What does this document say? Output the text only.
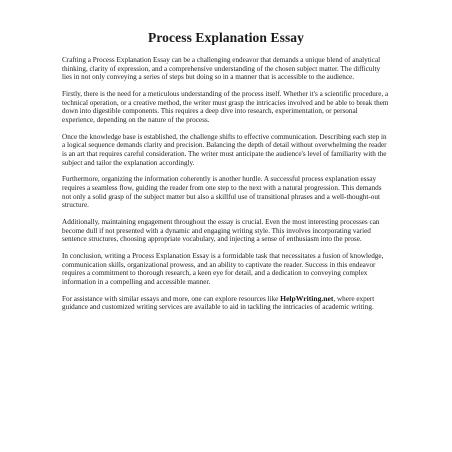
Process Explanation Essay

Crafting a Process Explanation Essay can be a challenging endeavor that demands a unique blend of analytical thinking, clarity of expression, and a comprehensive understanding of the chosen subject matter. The difficulty lies in not only conveying a series of steps but doing so in a manner that is accessible to the audience.

Firstly, there is the need for a meticulous understanding of the process itself. Whether it's a scientific procedure, a technical operation, or a creative method, the writer must grasp the intricacies involved and be able to break them down into digestible components. This requires a deep dive into research, experimentation, or personal experience, depending on the nature of the process.

Once the knowledge base is established, the challenge shifts to effective communication. Describing each step in a logical sequence demands clarity and precision. Balancing the depth of detail without overwhelming the reader is an art that requires careful consideration. The writer must anticipate the audience's level of familiarity with the subject and tailor the explanation accordingly.

Furthermore, organizing the information coherently is another hurdle. A successful process explanation essay requires a seamless flow, guiding the reader from one step to the next with a natural progression. This demands not only a solid grasp of the subject matter but also a skillful use of transitional phrases and a well-thought-out structure.

Additionally, maintaining engagement throughout the essay is crucial. Even the most interesting processes can become dull if not presented with a dynamic and engaging writing style. This involves incorporating varied sentence structures, choosing appropriate vocabulary, and injecting a sense of enthusiasm into the prose.

In conclusion, writing a Process Explanation Essay is a formidable task that necessitates a fusion of knowledge, communication skills, organizational prowess, and an ability to captivate the reader. Success in this endeavor requires a commitment to thorough research, a keen eye for detail, and a dedication to conveying complex information in a compelling and accessible manner.

For assistance with similar essays and more, one can explore resources like HelpWriting.net, where expert guidance and customized writing services are available to aid in tackling the intricacies of academic writing.
